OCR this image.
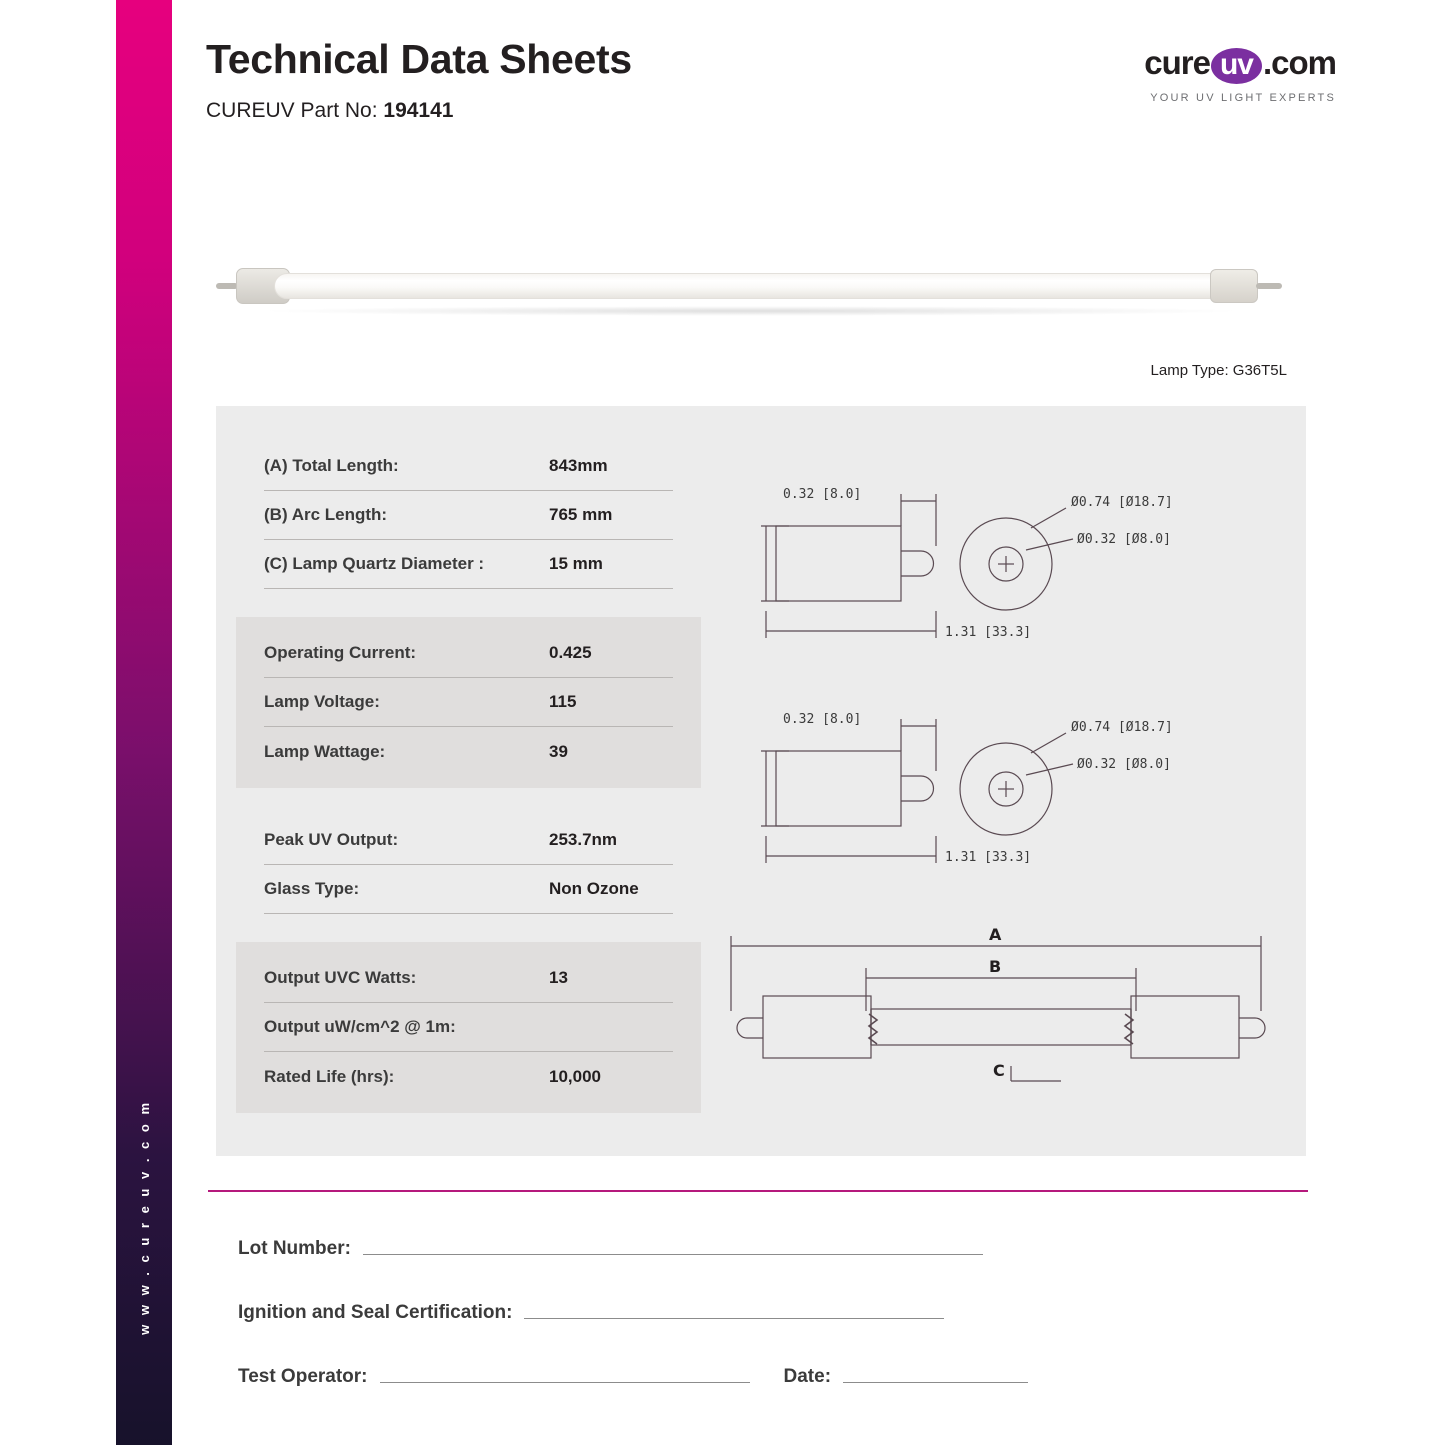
w w w . c u r e u v . c o m
Technical Data Sheets

CUREUV Part No: 194141

cure uv .com
YOUR UV LIGHT EXPERTS
Lamp Type: G36T5L
(A) Total Length:	843mm
(B) Arc Length:	765 mm
(C) Lamp Quartz Diameter :	15 mm
Operating Current:	0.425
Lamp Voltage:	115
Lamp Wattage:	39
Peak UV Output:	253.7nm
Glass Type:	Non Ozone
Output UVC Watts:	13
Output uW/cm^2 @ 1m:
Rated Life (hrs):	10,000
0.32 [8.0]
1.31 [33.3]
Ø0.74 [Ø18.7]
Ø0.32 [Ø8.0]
0.32 [8.0]
1.31 [33.3]
Ø0.74 [Ø18.7]
Ø0.32 [Ø8.0]
A
B
C
Lot Number:
Ignition and Seal Certification:
Test Operator:	Date:
